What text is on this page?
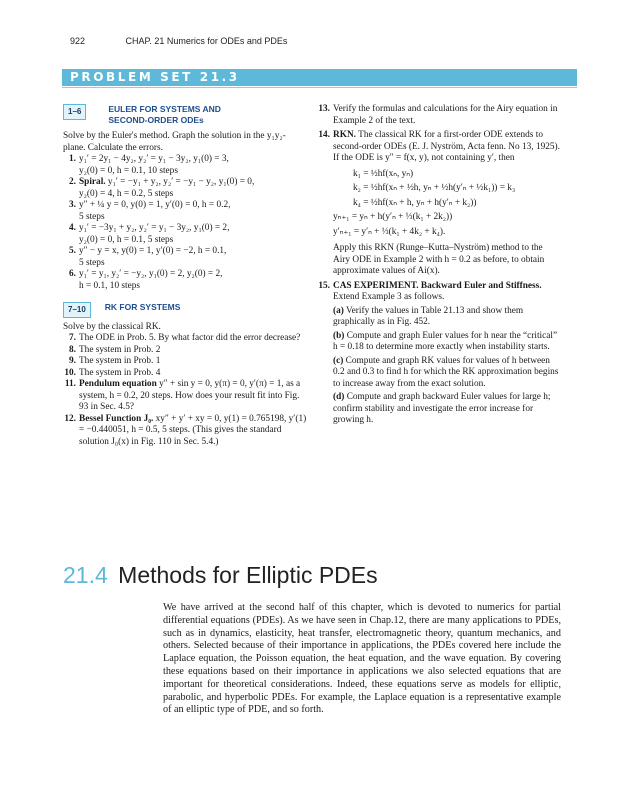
922	CHAP. 21 Numerics for ODEs and PDEs
PROBLEM SET 21.3
1–6	EULER FOR SYSTEMS AND
SECOND-ORDER ODEs
Solve by the Euler's method. Graph the solution in the y₁y₂-plane. Calculate the errors.
1. y₁′ = 2y₁ − 4y₂, y₂′ = y₁ − 3y₂, y₁(0) = 3,
y₂(0) = 0, h = 0.1, 10 steps
2. Spiral. y₁′ = −y₁ + y₂, y₂′ = −y₁ − y₂, y₁(0) = 0,
y₂(0) = 4, h = 0.2, 5 steps
3. y″ + ¼ y = 0, y(0) = 1, y′(0) = 0, h = 0.2,
5 steps
4. y₁′ = −3y₁ + y₂, y₂′ = y₁ − 3y₂, y₁(0) = 2,
y₂(0) = 0, h = 0.1, 5 steps
5. y″ − y = x, y(0) = 1, y′(0) = −2, h = 0.1,
5 steps
6. y₁′ = y₁, y₂′ = −y₂, y₁(0) = 2, y₂(0) = 2,
h = 0.1, 10 steps
7–10	RK FOR SYSTEMS
Solve by the classical RK.
7. The ODE in Prob. 5. By what factor did the error decrease?
8. The system in Prob. 2
9. The system in Prob. 1
10. The system in Prob. 4
11. Pendulum equation y″ + sin y = 0, y(π) = 0, y′(π) = 1, as a system, h = 0.2, 20 steps. How does your result fit into Fig. 93 in Sec. 4.5?
12. Bessel Function J₀. xy″ + y′ + xy = 0, y(1) = 0.765198, y′(1) = −0.440051, h = 0.5, 5 steps. (This gives the standard solution J₀(x) in Fig. 110 in Sec. 5.4.)
13. Verify the formulas and calculations for the Airy equation in Example 2 of the text.
14. RKN. The classical RK for a first-order ODE extends to second-order ODEs (E. J. Nyström, Acta fenn. No 13, 1925). If the ODE is y″ = f(x, y), not containing y′, then
k₁ = ½hf(xₙ, yₙ)
k₂ = ½hf(xₙ + ½h, yₙ + ½h(y′ₙ + ½k₁)) = k₃
k₄ = ½hf(xₙ + h, yₙ + h(y′ₙ + k₂))
yₙ₊₁ = yₙ + h(y′ₙ + ⅓(k₁ + 2k₂))
y′ₙ₊₁ = y′ₙ + ⅓(k₁ + 4k₂ + k₄).
Apply this RKN (Runge–Kutta–Nyström) method to the Airy ODE in Example 2 with h = 0.2 as before, to obtain approximate values of Ai(x).
15. CAS EXPERIMENT. Backward Euler and Stiffness. Extend Example 3 as follows.
(a) Verify the values in Table 21.13 and show them graphically as in Fig. 452.
(b) Compute and graph Euler values for h near the “critical” h = 0.18 to determine more exactly when instability starts.
(c) Compute and graph RK values for values of h between 0.2 and 0.3 to find h for which the RK approximation begins to increase away from the exact solution.
(d) Compute and graph backward Euler values for large h; confirm stability and investigate the error increase for growing h.
21.4 Methods for Elliptic PDEs
We have arrived at the second half of this chapter, which is devoted to numerics for partial differential equations (PDEs). As we have seen in Chap.12, there are many applications to PDEs, such as in dynamics, elasticity, heat transfer, electromagnetic theory, quantum mechanics, and others. Selected because of their importance in applications, the PDEs covered here include the Laplace equation, the Poisson equation, the heat equation, and the wave equation. By covering these equations based on their importance in applications we also selected equations that are important for theoretical considerations. Indeed, these equations serve as models for elliptic, parabolic, and hyperbolic PDEs. For example, the Laplace equation is a representative example of an elliptic type of PDE, and so forth.
